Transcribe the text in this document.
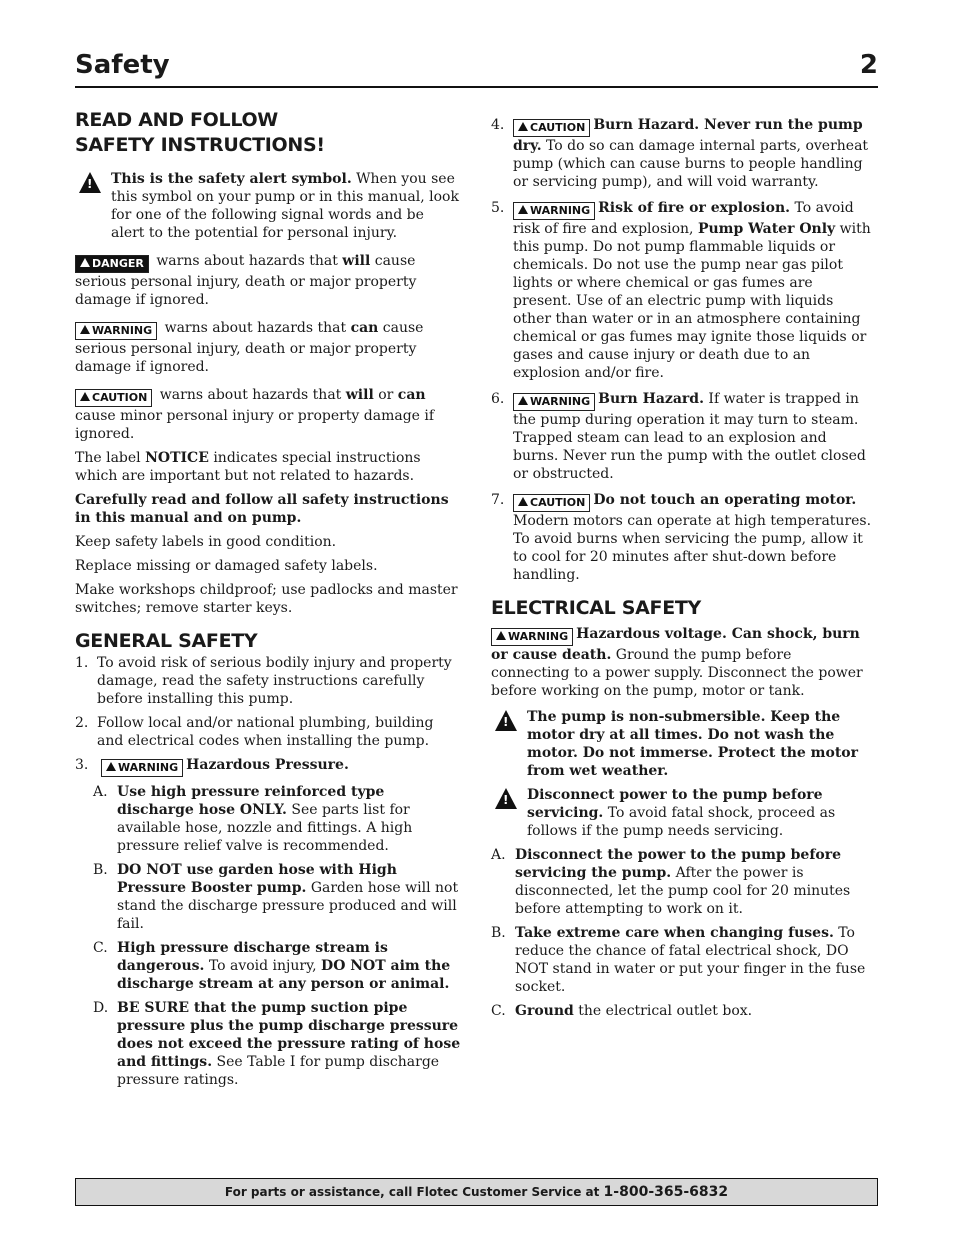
Safety	2
READ AND FOLLOW
SAFETY INSTRUCTIONS!
!

This is the safety alert symbol. When you see this symbol on your pump or in this manual, look for one of the following signal words and be alert to the potential for personal injury.

DANGER warns about hazards that will cause serious personal injury, death or major property damage if ignored.

WARNING warns about hazards that can cause serious personal injury, death or major property damage if ignored.

CAUTION warns about hazards that will or can cause minor personal injury or property damage if ignored.

The label NOTICE indicates special instructions which are important but not related to hazards.

Carefully read and follow all safety instructions in this manual and on pump.

Keep safety labels in good condition.

Replace missing or damaged safety labels.

Make workshops childproof; use padlocks and master switches; remove starter keys.

GENERAL SAFETY
1. To avoid risk of serious bodily injury and property damage, read the safety instructions carefully before installing this pump.
2. Follow local and/or national plumbing, building and electrical codes when installing the pump.
3.	WARNING Hazardous Pressure.
A. Use high pressure reinforced type discharge hose ONLY. See parts list for available hose, nozzle and fittings. A high pressure relief valve is recommended.
B. DO NOT use garden hose with High Pressure Booster pump. Garden hose will not stand the discharge pressure produced and will fail.
C. High pressure discharge stream is dangerous. To avoid injury, DO NOT aim the discharge stream at any person or animal.
D. BE SURE that the pump suction pipe pressure plus the pump discharge pressure does not exceed the pressure rating of hose and fittings. See Table I for pump discharge pressure ratings.
4.	CAUTION Burn Hazard. Never run the pump dry. To do so can damage internal parts, overheat pump (which can cause burns to people handling or servicing pump), and will void warranty.
5.	WARNING Risk of fire or explosion. To avoid risk of fire and explosion, Pump Water Only with this pump. Do not pump flammable liquids or chemicals. Do not use the pump near gas pilot lights or where chemical or gas fumes are present. Use of an electric pump with liquids other than water or in an atmosphere containing chemical or gas fumes may ignite those liquids or gases and cause injury or death due to an explosion and/or fire.
6.	WARNING Burn Hazard. If water is trapped in the pump during operation it may turn to steam. Trapped steam can lead to an explosion and burns. Never run the pump with the outlet closed or obstructed.
7.	CAUTION Do not touch an operating motor. Modern motors can operate at high temperatures. To avoid burns when servicing the pump, allow it to cool for 20 minutes after shut-down before handling.
ELECTRICAL SAFETY

WARNING Hazardous voltage. Can shock, burn or cause death. Ground the pump before connecting to a power supply. Disconnect the power before working on the pump, motor or tank.

!

The pump is non-submersible. Keep the motor dry at all times. Do not wash the motor. Do not immerse. Protect the motor from wet weather.

!

Disconnect power to the pump before servicing. To avoid fatal shock, proceed as follows if the pump needs servicing.

A. Disconnect the power to the pump before servicing the pump. After the power is disconnected, let the pump cool for 20 minutes before attempting to work on it.
B. Take extreme care when changing fuses. To reduce the chance of fatal electrical shock, DO NOT stand in water or put your finger in the fuse socket.
C. Ground the electrical outlet box.
For parts or assistance, call Flotec Customer Service at 1-800-365-6832
